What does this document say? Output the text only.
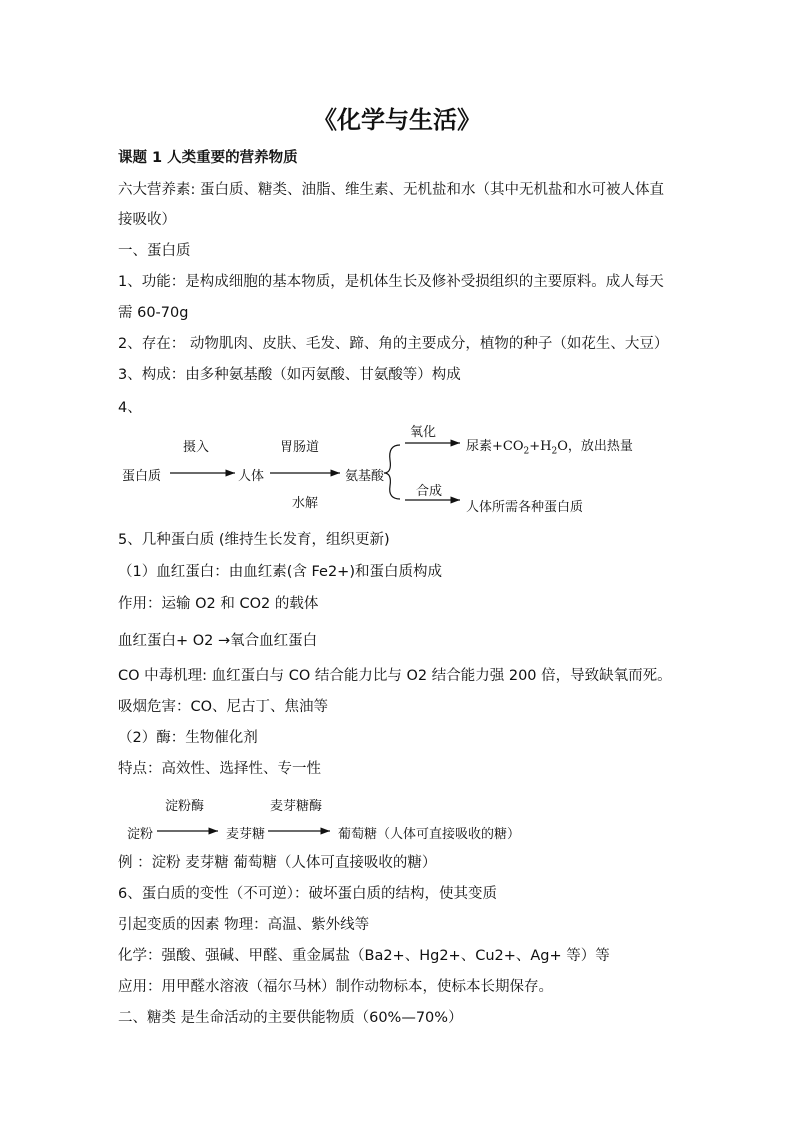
《化学与生活》
课题 1 人类重要的营养物质
六大营养素: 蛋白质、糖类、油脂、维生素、无机盐和水（其中无机盐和水可被人体直
接吸收）
一、蛋白质
1、功能：是构成细胞的基本物质，是机体生长及修补受损组织的主要原料。成人每天
需 60-70g
2、存在： 动物肌肉、皮肤、毛发、蹄、角的主要成分，植物的种子（如花生、大豆）
3、构成：由多种氨基酸（如丙氨酸、甘氨酸等）构成
4、
摄入
蛋白质	人体
胃肠道
水解
氨基酸
氧化
尿素$+CO_2+H_2O$，放出热量
合成
人体所需各种蛋白质
5、几种蛋白质 (维持生长发育，组织更新)
（1）血红蛋白：由血红素(含 Fe2+)和蛋白质构成
作用：运输 O2 和 CO2 的载体
血红蛋白+ O2 →氧合血红蛋白
CO 中毒机理: 血红蛋白与 CO 结合能力比与 O2 结合能力强 200 倍，导致缺氧而死。
吸烟危害：CO、尼古丁、焦油等
（2）酶：生物催化剂
特点：高效性、选择性、专一性
淀粉酶	麦芽糖酶
淀粉	麦芽糖	葡萄糖（人体可直接吸收的糖）
例 ：淀粉 麦芽糖 葡萄糖（人体可直接吸收的糖）
6、蛋白质的变性（不可逆）：破坏蛋白质的结构，使其变质
引起变质的因素 物理：高温、紫外线等
化学：强酸、强碱、甲醛、重金属盐（Ba2+、Hg2+、Cu2+、Ag+ 等）等
应用：用甲醛水溶液（福尔马林）制作动物标本，使标本长期保存。
二、糖类 是生命活动的主要供能物质（60%—70%）
